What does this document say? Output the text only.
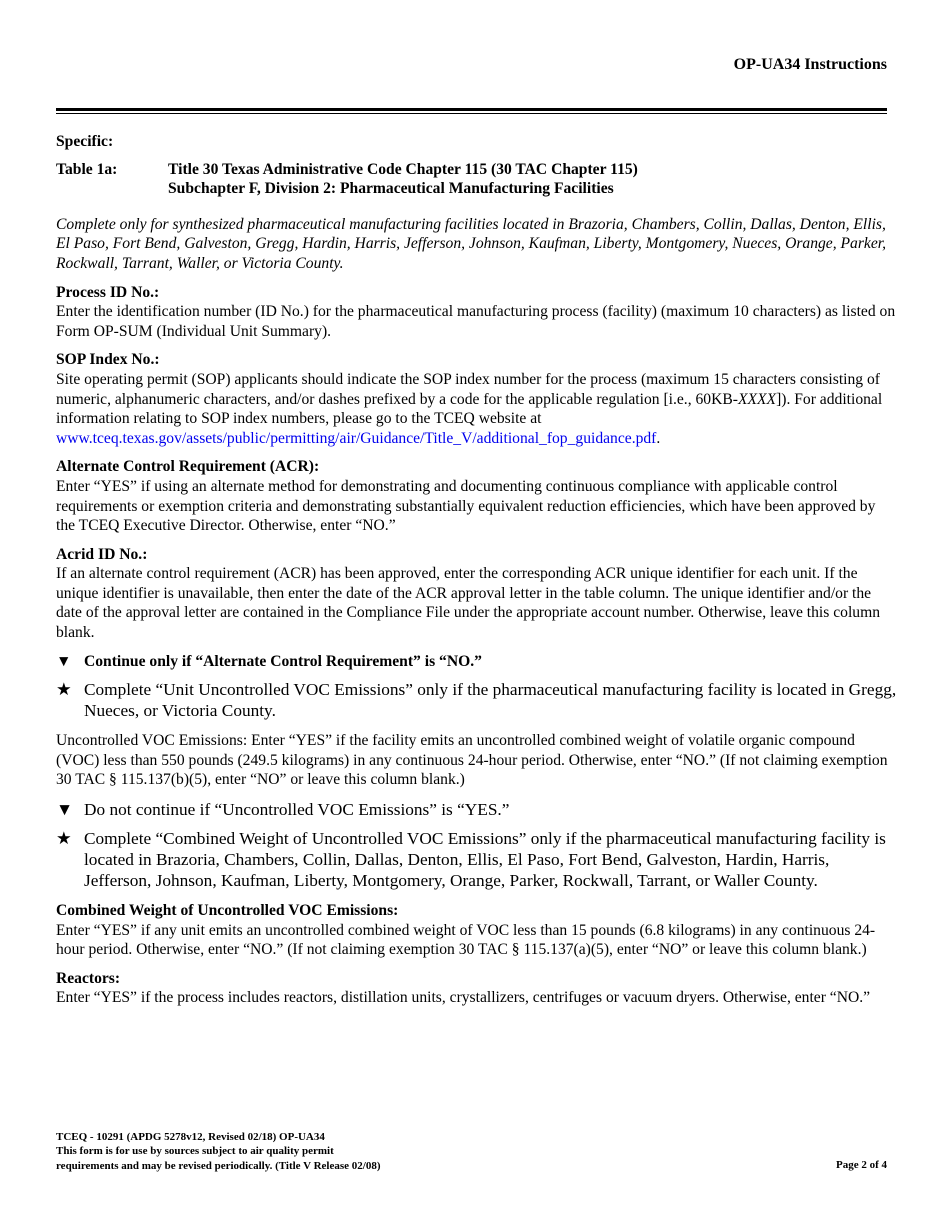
OP-UA34 Instructions

Specific:

Table 1a:	Title 30 Texas Administrative Code Chapter 115 (30 TAC Chapter 115)
Subchapter F, Division 2: Pharmaceutical Manufacturing Facilities

Complete only for synthesized pharmaceutical manufacturing facilities located in Brazoria, Chambers, Collin, Dallas, Denton, Ellis, El Paso, Fort Bend, Galveston, Gregg, Hardin, Harris, Jefferson, Johnson, Kaufman, Liberty, Montgomery, Nueces, Orange, Parker, Rockwall, Tarrant, Waller, or Victoria County.

Process ID No.:

Enter the identification number (ID No.) for the pharmaceutical manufacturing process (facility) (maximum 10 characters) as listed on Form OP-SUM (Individual Unit Summary).

SOP Index No.:

Site operating permit (SOP) applicants should indicate the SOP index number for the process (maximum 15 characters consisting of numeric, alphanumeric characters, and/or dashes prefixed by a code for the applicable regulation [i.e., 60KB-XXXX]). For additional information relating to SOP index numbers, please go to the TCEQ website at www.tceq.texas.gov/assets/public/permitting/air/Guidance/Title_V/additional_fop_guidance.pdf.

Alternate Control Requirement (ACR):

Enter “YES” if using an alternate method for demonstrating and documenting continuous compliance with applicable control requirements or exemption criteria and demonstrating substantially equivalent reduction efficiencies, which have been approved by the TCEQ Executive Director. Otherwise, enter “NO.”

Acrid ID No.:

If an alternate control requirement (ACR) has been approved, enter the corresponding ACR unique identifier for each unit. If the unique identifier is unavailable, then enter the date of the ACR approval letter in the table column. The unique identifier and/or the date of the approval letter are contained in the Compliance File under the appropriate account number. Otherwise, leave this column blank.

▼ Continue only if “Alternate Control Requirement” is “NO.”
★ Complete “Unit Uncontrolled VOC Emissions” only if the pharmaceutical manufacturing facility is located in Gregg, Nueces, or Victoria County.

Uncontrolled VOC Emissions: Enter “YES” if the facility emits an uncontrolled combined weight of volatile organic compound (VOC) less than 550 pounds (249.5 kilograms) in any continuous 24-hour period. Otherwise, enter “NO.” (If not claiming exemption 30 TAC § 115.137(b)(5), enter “NO” or leave this column blank.)

▼ Do not continue if “Uncontrolled VOC Emissions” is “YES.”
★ Complete “Combined Weight of Uncontrolled VOC Emissions” only if the pharmaceutical manufacturing facility is located in Brazoria, Chambers, Collin, Dallas, Denton, Ellis, El Paso, Fort Bend, Galveston, Hardin, Harris, Jefferson, Johnson, Kaufman, Liberty, Montgomery, Orange, Parker, Rockwall, Tarrant, or Waller County.

Combined Weight of Uncontrolled VOC Emissions:

Enter “YES” if any unit emits an uncontrolled combined weight of VOC less than 15 pounds (6.8 kilograms) in any continuous 24-hour period. Otherwise, enter “NO.” (If not claiming exemption 30 TAC § 115.137(a)(5), enter “NO” or leave this column blank.)

Reactors:

Enter “YES” if the process includes reactors, distillation units, crystallizers, centrifuges or vacuum dryers. Otherwise, enter “NO.”

TCEQ - 10291 (APDG 5278v12, Revised 02/18) OP-UA34
This form is for use by sources subject to air quality permit
requirements and may be revised periodically. (Title V Release 02/08)	Page 2 of 4
